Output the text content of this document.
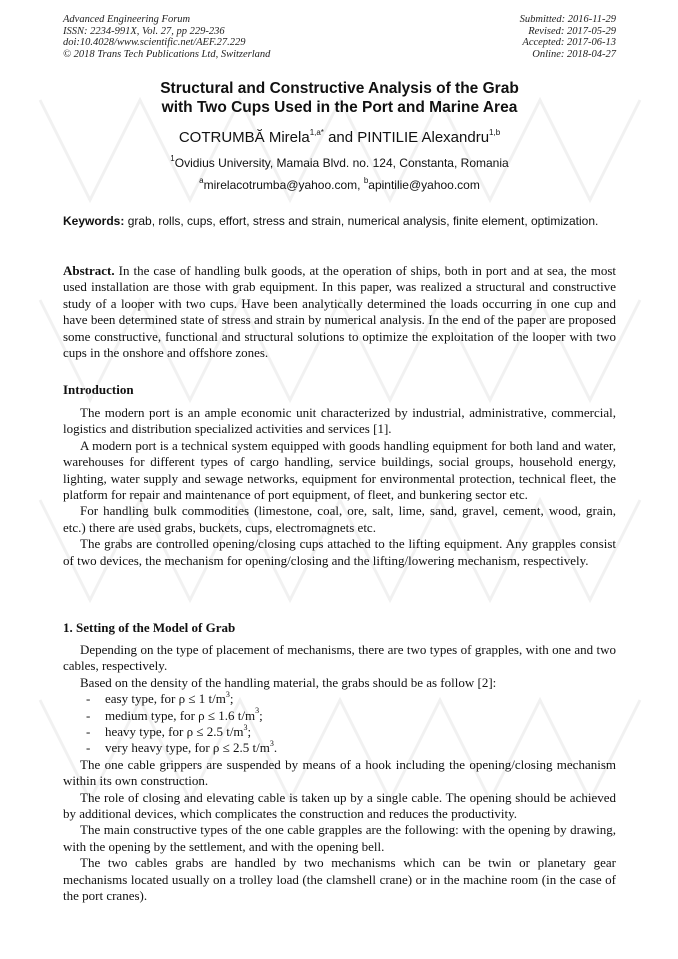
Advanced Engineering Forum
ISSN: 2234-991X, Vol. 27, pp 229-236
doi:10.4028/www.scientific.net/AEF.27.229
© 2018 Trans Tech Publications Ltd, Switzerland
Submitted: 2016-11-29
Revised: 2017-05-29
Accepted: 2017-06-13
Online: 2018-04-27
Structural and Constructive Analysis of the Grab
with Two Cups Used in the Port and Marine Area
COTRUMBĂ Mirela$^{1,a*}$ and PINTILIE Alexandru$^{1,b}$
$^1$Ovidius University, Mamaia Blvd. no. 124, Constanta, Romania
$^a$mirelacotrumba@yahoo.com, $^b$apintilie@yahoo.com
Keywords: grab, rolls, cups, effort, stress and strain, numerical analysis, finite element, optimization.
Abstract. In the case of handling bulk goods, at the operation of ships, both in port and at sea, the most used installation are those with grab equipment. In this paper, was realized a structural and constructive study of a looper with two cups. Have been analytically determined the loads occurring in one cup and have been determined state of stress and strain by numerical analysis. In the end of the paper are proposed some constructive, functional and structural solutions to optimize the exploitation of the looper with two cups in the onshore and offshore zones.
Introduction

The modern port is an ample economic unit characterized by industrial, administrative, commercial, logistics and distribution specialized activities and services [1].

A modern port is a technical system equipped with goods handling equipment for both land and water, warehouses for different types of cargo handling, service buildings, social groups, household energy, lighting, water supply and sewage networks, equipment for environmental protection, technical fleet, the platform for repair and maintenance of port equipment, of fleet, and bunkering sector etc.

For handling bulk commodities (limestone, coal, ore, salt, lime, sand, gravel, cement, wood, grain, etc.) there are used grabs, buckets, cups, electromagnets etc.

The grabs are controlled opening/closing cups attached to the lifting equipment. Any grapples consist of two devices, the mechanism for opening/closing and the lifting/lowering mechanism, respectively.

1. Setting of the Model of Grab

Depending on the type of placement of mechanisms, there are two types of grapples, with one and two cables, respectively.

Based on the density of the handling material, the grabs should be as follow [2]:

- easy type, for ρ ≤ 1 $t/m^3$;
- medium type, for ρ ≤ 1.6 $t/m^3$;
- heavy type, for ρ ≤ 2.5 $t/m^3$;
- very heavy type, for ρ ≤ 2.5 $t/m^3$.

The one cable grippers are suspended by means of a hook including the opening/closing mechanism within its own construction.

The role of closing and elevating cable is taken up by a single cable. The opening should be achieved by additional devices, which complicates the construction and reduces the productivity.

The main constructive types of the one cable grapples are the following: with the opening by drawing, with the opening by the settlement, and with the opening bell.

The two cables grabs are handled by two mechanisms which can be twin or planetary gear mechanisms located usually on a trolley load (the clamshell crane) or in the machine room (in the case of the port cranes).
